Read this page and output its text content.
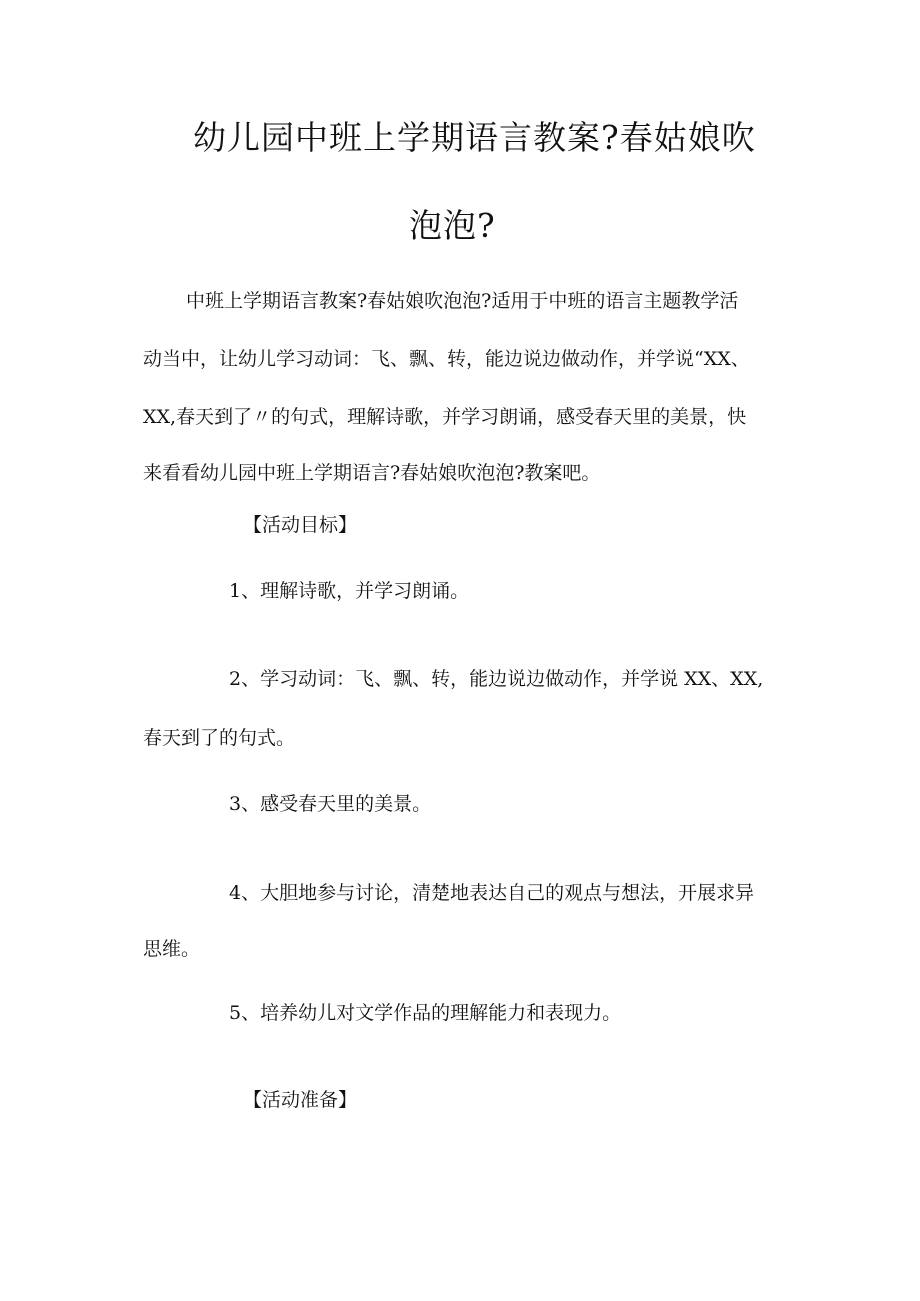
幼儿园中班上学期语言教案?春姑娘吹
泡泡?
中班上学期语言教案?春姑娘吹泡泡?适用于中班的语言主题教学活
动当中，让幼儿学习动词：飞、飘、转，能边说边做动作，并学说“XX、
XX,春天到了〃的句式，理解诗歌，并学习朗诵，感受春天里的美景，快
来看看幼儿园中班上学期语言?春姑娘吹泡泡?教案吧。
【活动目标】
1、理解诗歌，并学习朗诵。
2、学习动词：飞、飘、转，能边说边做动作，并学说 XX、XX,
春天到了的句式。
3、感受春天里的美景。
4、大胆地参与讨论，清楚地表达自己的观点与想法，开展求异
思维。
5、培养幼儿对文学作品的理解能力和表现力。
【活动准备】
